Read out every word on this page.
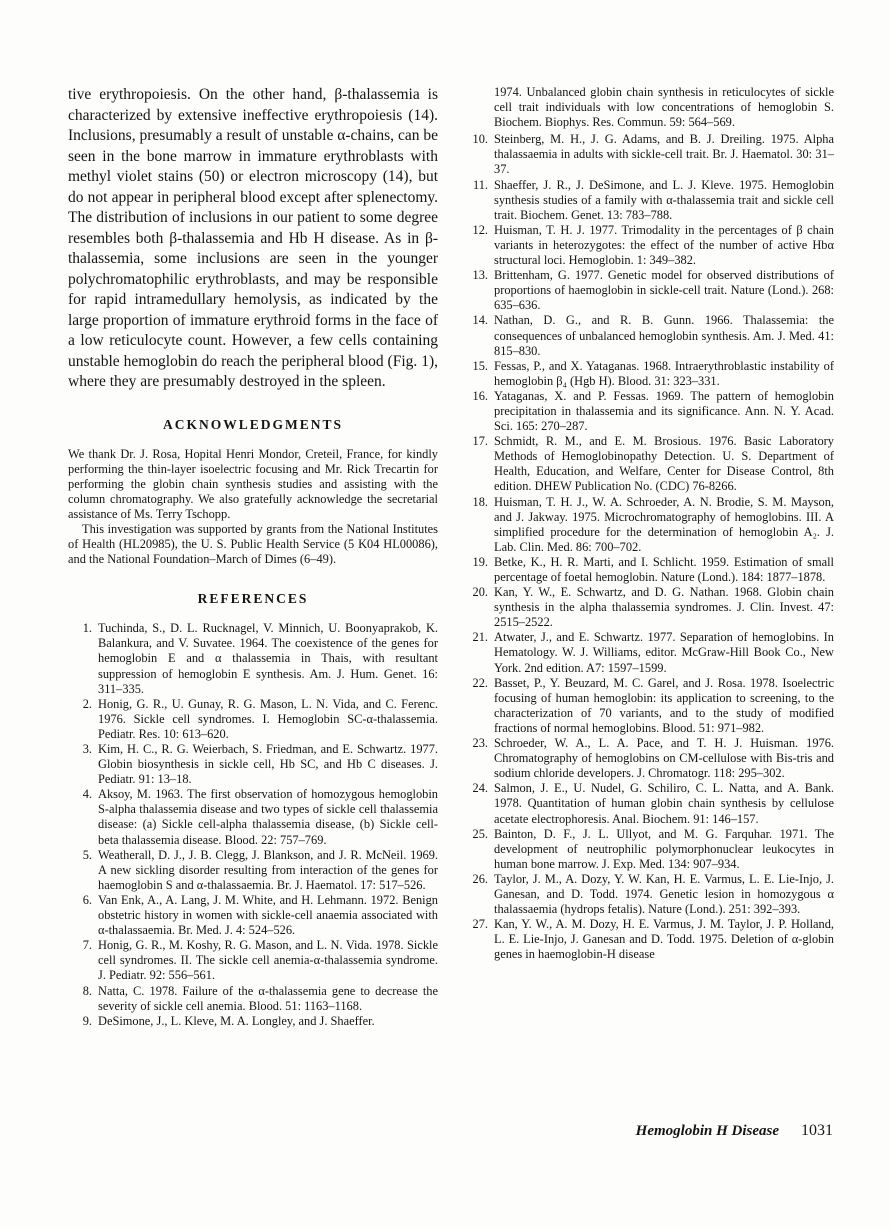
tive erythropoiesis. On the other hand, β-thalassemia is characterized by extensive ineffective erythropoiesis (14). Inclusions, presumably a result of unstable α-chains, can be seen in the bone marrow in immature erythroblasts with methyl violet stains (50) or electron microscopy (14), but do not appear in peripheral blood except after splenectomy. The distribution of inclusions in our patient to some degree resembles both β-thalassemia and Hb H disease. As in β-thalassemia, some inclusions are seen in the younger polychromatophilic erythroblasts, and may be responsible for rapid intramedullary hemolysis, as indicated by the large proportion of immature erythroid forms in the face of a low reticulocyte count. However, a few cells containing unstable hemoglobin do reach the peripheral blood (Fig. 1), where they are presumably destroyed in the spleen.

ACKNOWLEDGMENTS

We thank Dr. J. Rosa, Hopital Henri Mondor, Creteil, France, for kindly performing the thin-layer isoelectric focusing and Mr. Rick Trecartin for performing the globin chain synthesis studies and assisting with the column chromatography. We also gratefully acknowledge the secretarial assistance of Ms. Terry Tschopp.

This investigation was supported by grants from the National Institutes of Health (HL20985), the U. S. Public Health Service (5 K04 HL00086), and the National Foundation–March of Dimes (6–49).

REFERENCES
1. Tuchinda, S., D. L. Rucknagel, V. Minnich, U. Boonyaprakob, K. Balankura, and V. Suvatee. 1964. The coexistence of the genes for hemoglobin E and α thalassemia in Thais, with resultant suppression of hemoglobin E synthesis. Am. J. Hum. Genet. 16: 311–335.
2. Honig, G. R., U. Gunay, R. G. Mason, L. N. Vida, and C. Ferenc. 1976. Sickle cell syndromes. I. Hemoglobin SC-α-thalassemia. Pediatr. Res. 10: 613–620.
3. Kim, H. C., R. G. Weierbach, S. Friedman, and E. Schwartz. 1977. Globin biosynthesis in sickle cell, Hb SC, and Hb C diseases. J. Pediatr. 91: 13–18.
4. Aksoy, M. 1963. The first observation of homozygous hemoglobin S-alpha thalassemia disease and two types of sickle cell thalassemia disease: (a) Sickle cell-alpha thalassemia disease, (b) Sickle cell-beta thalassemia disease. Blood. 22: 757–769.
5. Weatherall, D. J., J. B. Clegg, J. Blankson, and J. R. McNeil. 1969. A new sickling disorder resulting from interaction of the genes for haemoglobin S and α-thalassaemia. Br. J. Haematol. 17: 517–526.
6. Van Enk, A., A. Lang, J. M. White, and H. Lehmann. 1972. Benign obstetric history in women with sickle-cell anaemia associated with α-thalassaemia. Br. Med. J. 4: 524–526.
7. Honig, G. R., M. Koshy, R. G. Mason, and L. N. Vida. 1978. Sickle cell syndromes. II. The sickle cell anemia-α-thalassemia syndrome. J. Pediatr. 92: 556–561.
8. Natta, C. 1978. Failure of the α-thalassemia gene to decrease the severity of sickle cell anemia. Blood. 51: 1163–1168.
9. DeSimone, J., L. Kleve, M. A. Longley, and J. Shaeffer.

1974. Unbalanced globin chain synthesis in reticulocytes of sickle cell trait individuals with low concentrations of hemoglobin S. Biochem. Biophys. Res. Commun. 59: 564–569.

10. Steinberg, M. H., J. G. Adams, and B. J. Dreiling. 1975. Alpha thalassaemia in adults with sickle-cell trait. Br. J. Haematol. 30: 31–37.
11. Shaeffer, J. R., J. DeSimone, and L. J. Kleve. 1975. Hemoglobin synthesis studies of a family with α-thalassemia trait and sickle cell trait. Biochem. Genet. 13: 783–788.
12. Huisman, T. H. J. 1977. Trimodality in the percentages of β chain variants in heterozygotes: the effect of the number of active Hbα structural loci. Hemoglobin. 1: 349–382.
13. Brittenham, G. 1977. Genetic model for observed distributions of proportions of haemoglobin in sickle-cell trait. Nature (Lond.). 268: 635–636.
14. Nathan, D. G., and R. B. Gunn. 1966. Thalassemia: the consequences of unbalanced hemoglobin synthesis. Am. J. Med. 41: 815–830.
15. Fessas, P., and X. Yataganas. 1968. Intraerythroblastic instability of hemoglobin β₄ (Hgb H). Blood. 31: 323–331.
16. Yataganas, X. and P. Fessas. 1969. The pattern of hemoglobin precipitation in thalassemia and its significance. Ann. N. Y. Acad. Sci. 165: 270–287.
17. Schmidt, R. M., and E. M. Brosious. 1976. Basic Laboratory Methods of Hemoglobinopathy Detection. U. S. Department of Health, Education, and Welfare, Center for Disease Control, 8th edition. DHEW Publication No. (CDC) 76-8266.
18. Huisman, T. H. J., W. A. Schroeder, A. N. Brodie, S. M. Mayson, and J. Jakway. 1975. Microchromatography of hemoglobins. III. A simplified procedure for the determination of hemoglobin A₂. J. Lab. Clin. Med. 86: 700–702.
19. Betke, K., H. R. Marti, and I. Schlicht. 1959. Estimation of small percentage of foetal hemoglobin. Nature (Lond.). 184: 1877–1878.
20. Kan, Y. W., E. Schwartz, and D. G. Nathan. 1968. Globin chain synthesis in the alpha thalassemia syndromes. J. Clin. Invest. 47: 2515–2522.
21. Atwater, J., and E. Schwartz. 1977. Separation of hemoglobins. In Hematology. W. J. Williams, editor. McGraw-Hill Book Co., New York. 2nd edition. A7: 1597–1599.
22. Basset, P., Y. Beuzard, M. C. Garel, and J. Rosa. 1978. Isoelectric focusing of human hemoglobin: its application to screening, to the characterization of 70 variants, and to the study of modified fractions of normal hemoglobins. Blood. 51: 971–982.
23. Schroeder, W. A., L. A. Pace, and T. H. J. Huisman. 1976. Chromatography of hemoglobins on CM-cellulose with Bis-tris and sodium chloride developers. J. Chromatogr. 118: 295–302.
24. Salmon, J. E., U. Nudel, G. Schiliro, C. L. Natta, and A. Bank. 1978. Quantitation of human globin chain synthesis by cellulose acetate electrophoresis. Anal. Biochem. 91: 146–157.
25. Bainton, D. F., J. L. Ullyot, and M. G. Farquhar. 1971. The development of neutrophilic polymorphonuclear leukocytes in human bone marrow. J. Exp. Med. 134: 907–934.
26. Taylor, J. M., A. Dozy, Y. W. Kan, H. E. Varmus, L. E. Lie-Injo, J. Ganesan, and D. Todd. 1974. Genetic lesion in homozygous α thalassaemia (hydrops fetalis). Nature (Lond.). 251: 392–393.
27. Kan, Y. W., A. M. Dozy, H. E. Varmus, J. M. Taylor, J. P. Holland, L. E. Lie-Injo, J. Ganesan and D. Todd. 1975. Deletion of α-globin genes in haemoglobin-H disease
Hemoglobin H Disease 1031
